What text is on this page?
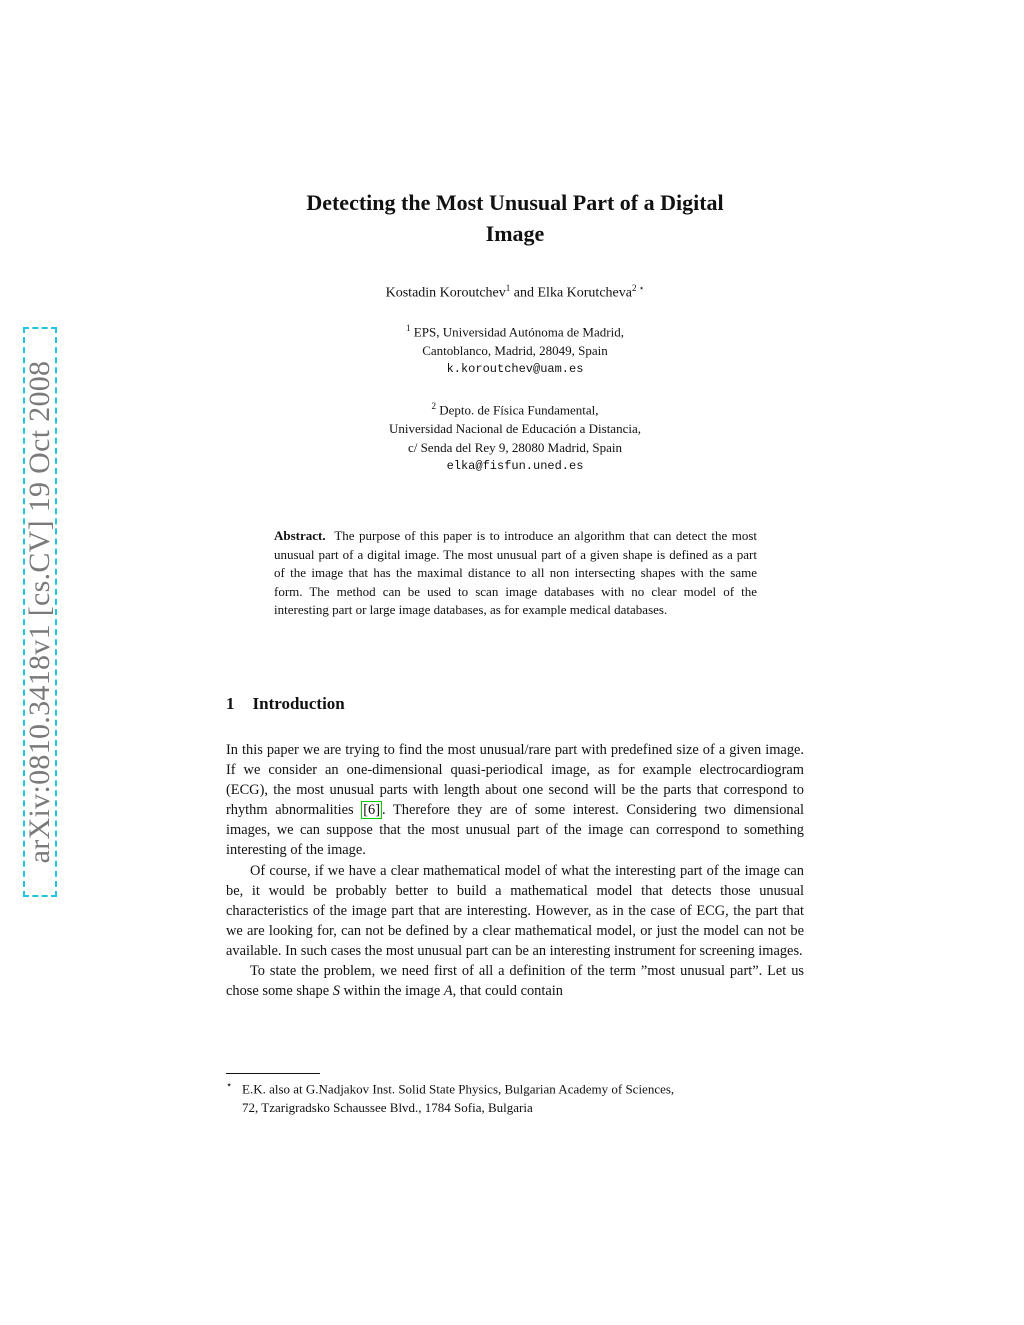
arXiv:0810.3418v1 [cs.CV] 19 Oct 2008
Detecting the Most Unusual Part of a Digital
Image
Kostadin Koroutchev$^1$ and Elka Korutcheva$^{2 ⋆}$
$^1$ EPS, Universidad Autónoma de Madrid,
Cantoblanco, Madrid, 28049, Spain
k.koroutchev@uam.es
$^2$ Depto. de Física Fundamental,
Universidad Nacional de Educación a Distancia,
c/ Senda del Rey 9, 28080 Madrid, Spain
elka@fisfun.uned.es
Abstract. The purpose of this paper is to introduce an algorithm that can detect the most unusual part of a digital image. The most unusual part of a given shape is defined as a part of the image that has the maximal distance to all non intersecting shapes with the same form. The method can be used to scan image databases with no clear model of the interesting part or large image databases, as for example medical databases.
1 Introduction

In this paper we are trying to find the most unusual/rare part with predefined size of a given image. If we consider an one-dimensional quasi-periodical image, as for example electrocardiogram (ECG), the most unusual parts with length about one second will be the parts that correspond to rhythm abnormalities [6] . Therefore they are of some interest. Considering two dimensional images, we can suppose that the most unusual part of the image can correspond to something interesting of the image.

Of course, if we have a clear mathematical model of what the interesting part of the image can be, it would be probably better to build a mathematical model that detects those unusual characteristics of the image part that are interesting. However, as in the case of ECG, the part that we are looking for, can not be defined by a clear mathematical model, or just the model can not be available. In such cases the most unusual part can be an interesting instrument for screening images.

To state the problem, we need first of all a definition of the term ”most unusual part”. Let us chose some shape S within the image A, that could contain

⋆ E.K. also at G.Nadjakov Inst. Solid State Physics, Bulgarian Academy of Sciences,
72, Tzarigradsko Schaussee Blvd., 1784 Sofia, Bulgaria
